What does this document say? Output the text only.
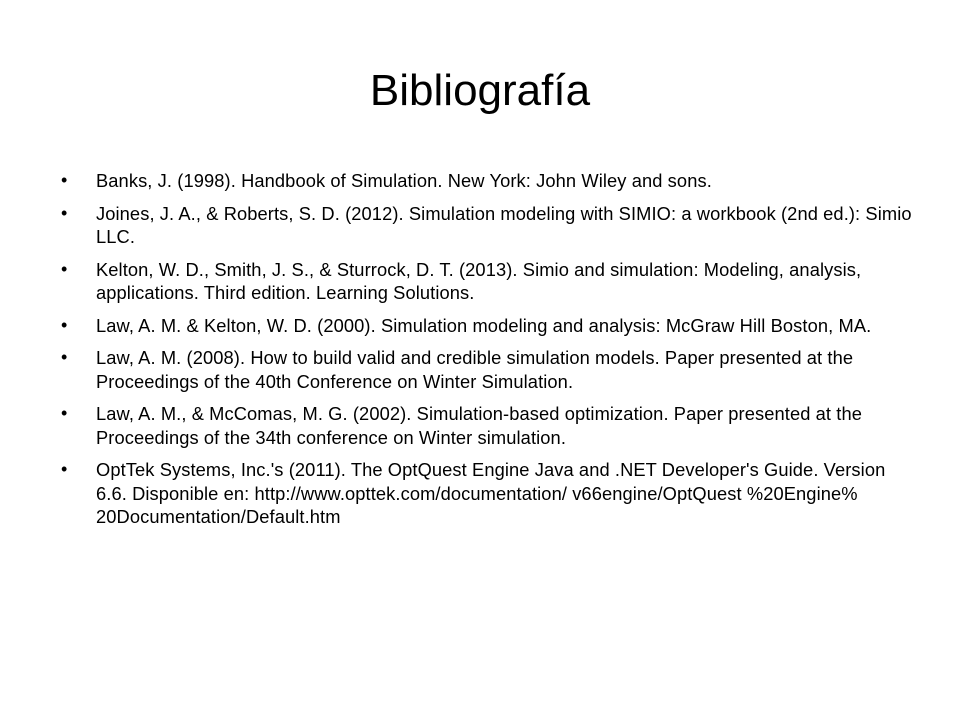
Bibliografía
• Banks, J. (1998). Handbook of Simulation. New York: John Wiley and sons.
• Joines, J. A., & Roberts, S. D. (2012). Simulation modeling with SIMIO: a workbook (2nd ed.): Simio LLC.
• Kelton, W. D., Smith, J. S., & Sturrock, D. T. (2013). Simio and simulation: Modeling, analysis, applications. Third edition. Learning Solutions.
• Law, A. M. & Kelton, W. D. (2000). Simulation modeling and analysis: McGraw Hill Boston, MA.
• Law, A. M. (2008). How to build valid and credible simulation models. Paper presented at the Proceedings of the 40th Conference on Winter Simulation.
• Law, A. M., & McComas, M. G. (2002). Simulation-based optimization. Paper presented at the Proceedings of the 34th conference on Winter simulation.
• OptTek Systems, Inc.'s (2011). The OptQuest Engine Java and .NET Developer's Guide. Version 6.6. Disponible en: http://www.opttek.com/documentation/ v66engine/OptQuest %20Engine% 20Documentation/Default.htm
